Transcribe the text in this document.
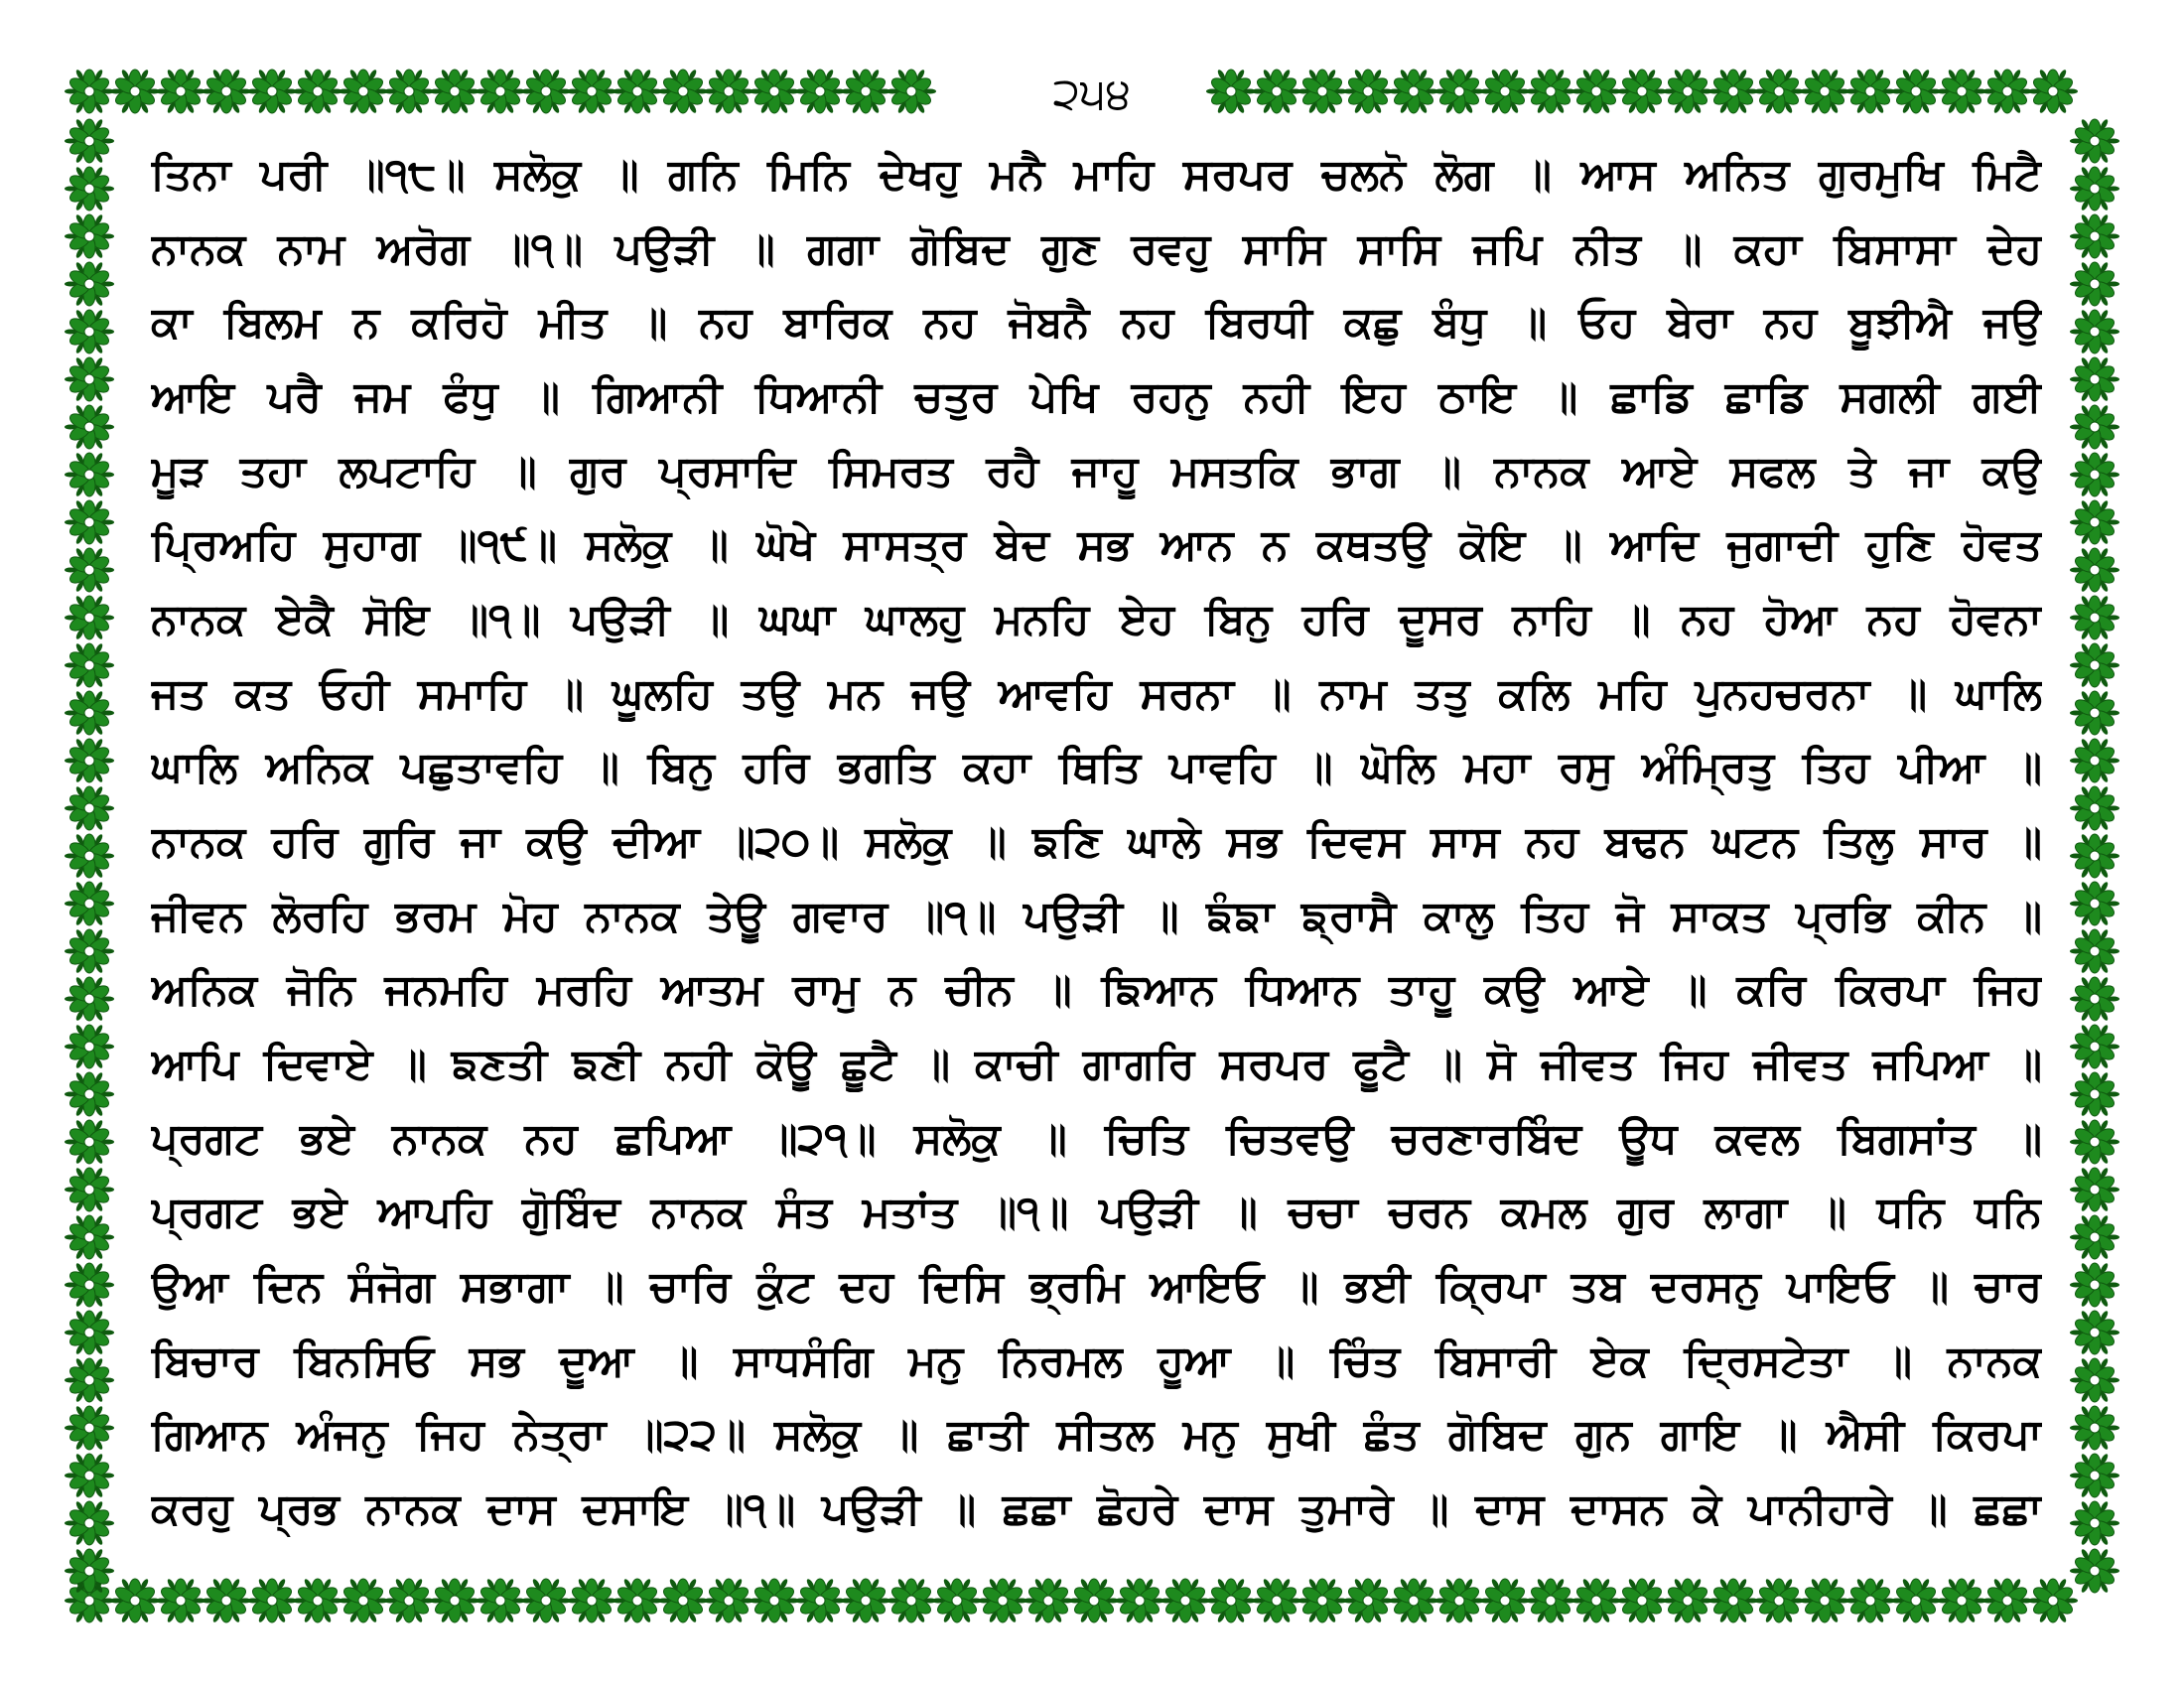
੨੫੪
ਤਿਨਾ ਪਰੀ ॥੧੮॥ ਸਲੋਕੁ ॥ ਗਨਿ ਮਿਨਿ ਦੇਖਹੁ ਮਨੈ ਮਾਹਿ ਸਰਪਰ ਚਲਨੋ ਲੋਗ ॥ ਆਸ ਅਨਿਤ ਗੁਰਮੁਖਿ ਮਿਟੈ
ਨਾਨਕ ਨਾਮ ਅਰੋਗ ॥੧॥ ਪਉੜੀ ॥ ਗਗਾ ਗੋਬਿਦ ਗੁਣ ਰਵਹੁ ਸਾਸਿ ਸਾਸਿ ਜਪਿ ਨੀਤ ॥ ਕਹਾ ਬਿਸਾਸਾ ਦੇਹ
ਕਾ ਬਿਲਮ ਨ ਕਰਿਹੋ ਮੀਤ ॥ ਨਹ ਬਾਰਿਕ ਨਹ ਜੋਬਨੈ ਨਹ ਬਿਰਧੀ ਕਛੁ ਬੰਧੁ ॥ ਓਹ ਬੇਰਾ ਨਹ ਬੂਝੀਐ ਜਉ
ਆਇ ਪਰੈ ਜਮ ਫੰਧੁ ॥ ਗਿਆਨੀ ਧਿਆਨੀ ਚਤੁਰ ਪੇਖਿ ਰਹਨੁ ਨਹੀ ਇਹ ਠਾਇ ॥ ਛਾਡਿ ਛਾਡਿ ਸਗਲੀ ਗਈ
ਮੂੜ ਤਹਾ ਲਪਟਾਹਿ ॥ ਗੁਰ ਪ੍ਰਸਾਦਿ ਸਿਮਰਤ ਰਹੈ ਜਾਹੂ ਮਸਤਕਿ ਭਾਗ ॥ ਨਾਨਕ ਆਏ ਸਫਲ ਤੇ ਜਾ ਕਉ
ਪ੍ਰਿਅਹਿ ਸੁਹਾਗ ॥੧੯॥ ਸਲੋਕੁ ॥ ਘੋਖੇ ਸਾਸਤ੍ਰ ਬੇਦ ਸਭ ਆਨ ਨ ਕਥਤਉ ਕੋਇ ॥ ਆਦਿ ਜੁਗਾਦੀ ਹੁਣਿ ਹੋਵਤ
ਨਾਨਕ ਏਕੈ ਸੋਇ ॥੧॥ ਪਉੜੀ ॥ ਘਘਾ ਘਾਲਹੁ ਮਨਹਿ ਏਹ ਬਿਨੁ ਹਰਿ ਦੂਸਰ ਨਾਹਿ ॥ ਨਹ ਹੋਆ ਨਹ ਹੋਵਨਾ
ਜਤ ਕਤ ਓਹੀ ਸਮਾਹਿ ॥ ਘੂਲਹਿ ਤਉ ਮਨ ਜਉ ਆਵਹਿ ਸਰਨਾ ॥ ਨਾਮ ਤਤੁ ਕਲਿ ਮਹਿ ਪੁਨਹਚਰਨਾ ॥ ਘਾਲਿ
ਘਾਲਿ ਅਨਿਕ ਪਛੁਤਾਵਹਿ ॥ ਬਿਨੁ ਹਰਿ ਭਗਤਿ ਕਹਾ ਥਿਤਿ ਪਾਵਹਿ ॥ ਘੋਲਿ ਮਹਾ ਰਸੁ ਅੰਮ੍ਰਿਤੁ ਤਿਹ ਪੀਆ ॥
ਨਾਨਕ ਹਰਿ ਗੁਰਿ ਜਾ ਕਉ ਦੀਆ ॥੨੦॥ ਸਲੋਕੁ ॥ ਙਣਿ ਘਾਲੇ ਸਭ ਦਿਵਸ ਸਾਸ ਨਹ ਬਢਨ ਘਟਨ ਤਿਲੁ ਸਾਰ ॥
ਜੀਵਨ ਲੋਰਹਿ ਭਰਮ ਮੋਹ ਨਾਨਕ ਤੇਊ ਗਵਾਰ ॥੧॥ ਪਉੜੀ ॥ ਙੰਙਾ ਙ੍ਰਾਸੈ ਕਾਲੁ ਤਿਹ ਜੋ ਸਾਕਤ ਪ੍ਰਭਿ ਕੀਨ ॥
ਅਨਿਕ ਜੋਨਿ ਜਨਮਹਿ ਮਰਹਿ ਆਤਮ ਰਾਮੁ ਨ ਚੀਨ ॥ ਙਿਆਨ ਧਿਆਨ ਤਾਹੂ ਕਉ ਆਏ ॥ ਕਰਿ ਕਿਰਪਾ ਜਿਹ
ਆਪਿ ਦਿਵਾਏ ॥ ਙਣਤੀ ਙਣੀ ਨਹੀ ਕੋਊ ਛੂਟੈ ॥ ਕਾਚੀ ਗਾਗਰਿ ਸਰਪਰ ਫੂਟੈ ॥ ਸੋ ਜੀਵਤ ਜਿਹ ਜੀਵਤ ਜਪਿਆ ॥
ਪ੍ਰਗਟ ਭਏ ਨਾਨਕ ਨਹ ਛਪਿਆ ॥੨੧॥ ਸਲੋਕੁ ॥ ਚਿਤਿ ਚਿਤਵਉ ਚਰਣਾਰਬਿੰਦ ਊਧ ਕਵਲ ਬਿਗਸਾਂਤ ॥
ਪ੍ਰਗਟ ਭਏ ਆਪਹਿ ਗੋੁਬਿੰਦ ਨਾਨਕ ਸੰਤ ਮਤਾਂਤ ॥੧॥ ਪਉੜੀ ॥ ਚਚਾ ਚਰਨ ਕਮਲ ਗੁਰ ਲਾਗਾ ॥ ਧਨਿ ਧਨਿ
ਉਆ ਦਿਨ ਸੰਜੋਗ ਸਭਾਗਾ ॥ ਚਾਰਿ ਕੁੰਟ ਦਹ ਦਿਸਿ ਭ੍ਰਮਿ ਆਇਓ ॥ ਭਈ ਕ੍ਰਿਪਾ ਤਬ ਦਰਸਨੁ ਪਾਇਓ ॥ ਚਾਰ
ਬਿਚਾਰ ਬਿਨਸਿਓ ਸਭ ਦੂਆ ॥ ਸਾਧਸੰਗਿ ਮਨੁ ਨਿਰਮਲ ਹੂਆ ॥ ਚਿੰਤ ਬਿਸਾਰੀ ਏਕ ਦ੍ਰਿਸਟੇਤਾ ॥ ਨਾਨਕ
ਗਿਆਨ ਅੰਜਨੁ ਜਿਹ ਨੇਤ੍ਰਾ ॥੨੨॥ ਸਲੋਕੁ ॥ ਛਾਤੀ ਸੀਤਲ ਮਨੁ ਸੁਖੀ ਛੰਤ ਗੋਬਿਦ ਗੁਨ ਗਾਇ ॥ ਐਸੀ ਕਿਰਪਾ
ਕਰਹੁ ਪ੍ਰਭ ਨਾਨਕ ਦਾਸ ਦਸਾਇ ॥੧॥ ਪਉੜੀ ॥ ਛਛਾ ਛੋਹਰੇ ਦਾਸ ਤੁਮਾਰੇ ॥ ਦਾਸ ਦਾਸਨ ਕੇ ਪਾਨੀਹਾਰੇ ॥ ਛਛਾ
